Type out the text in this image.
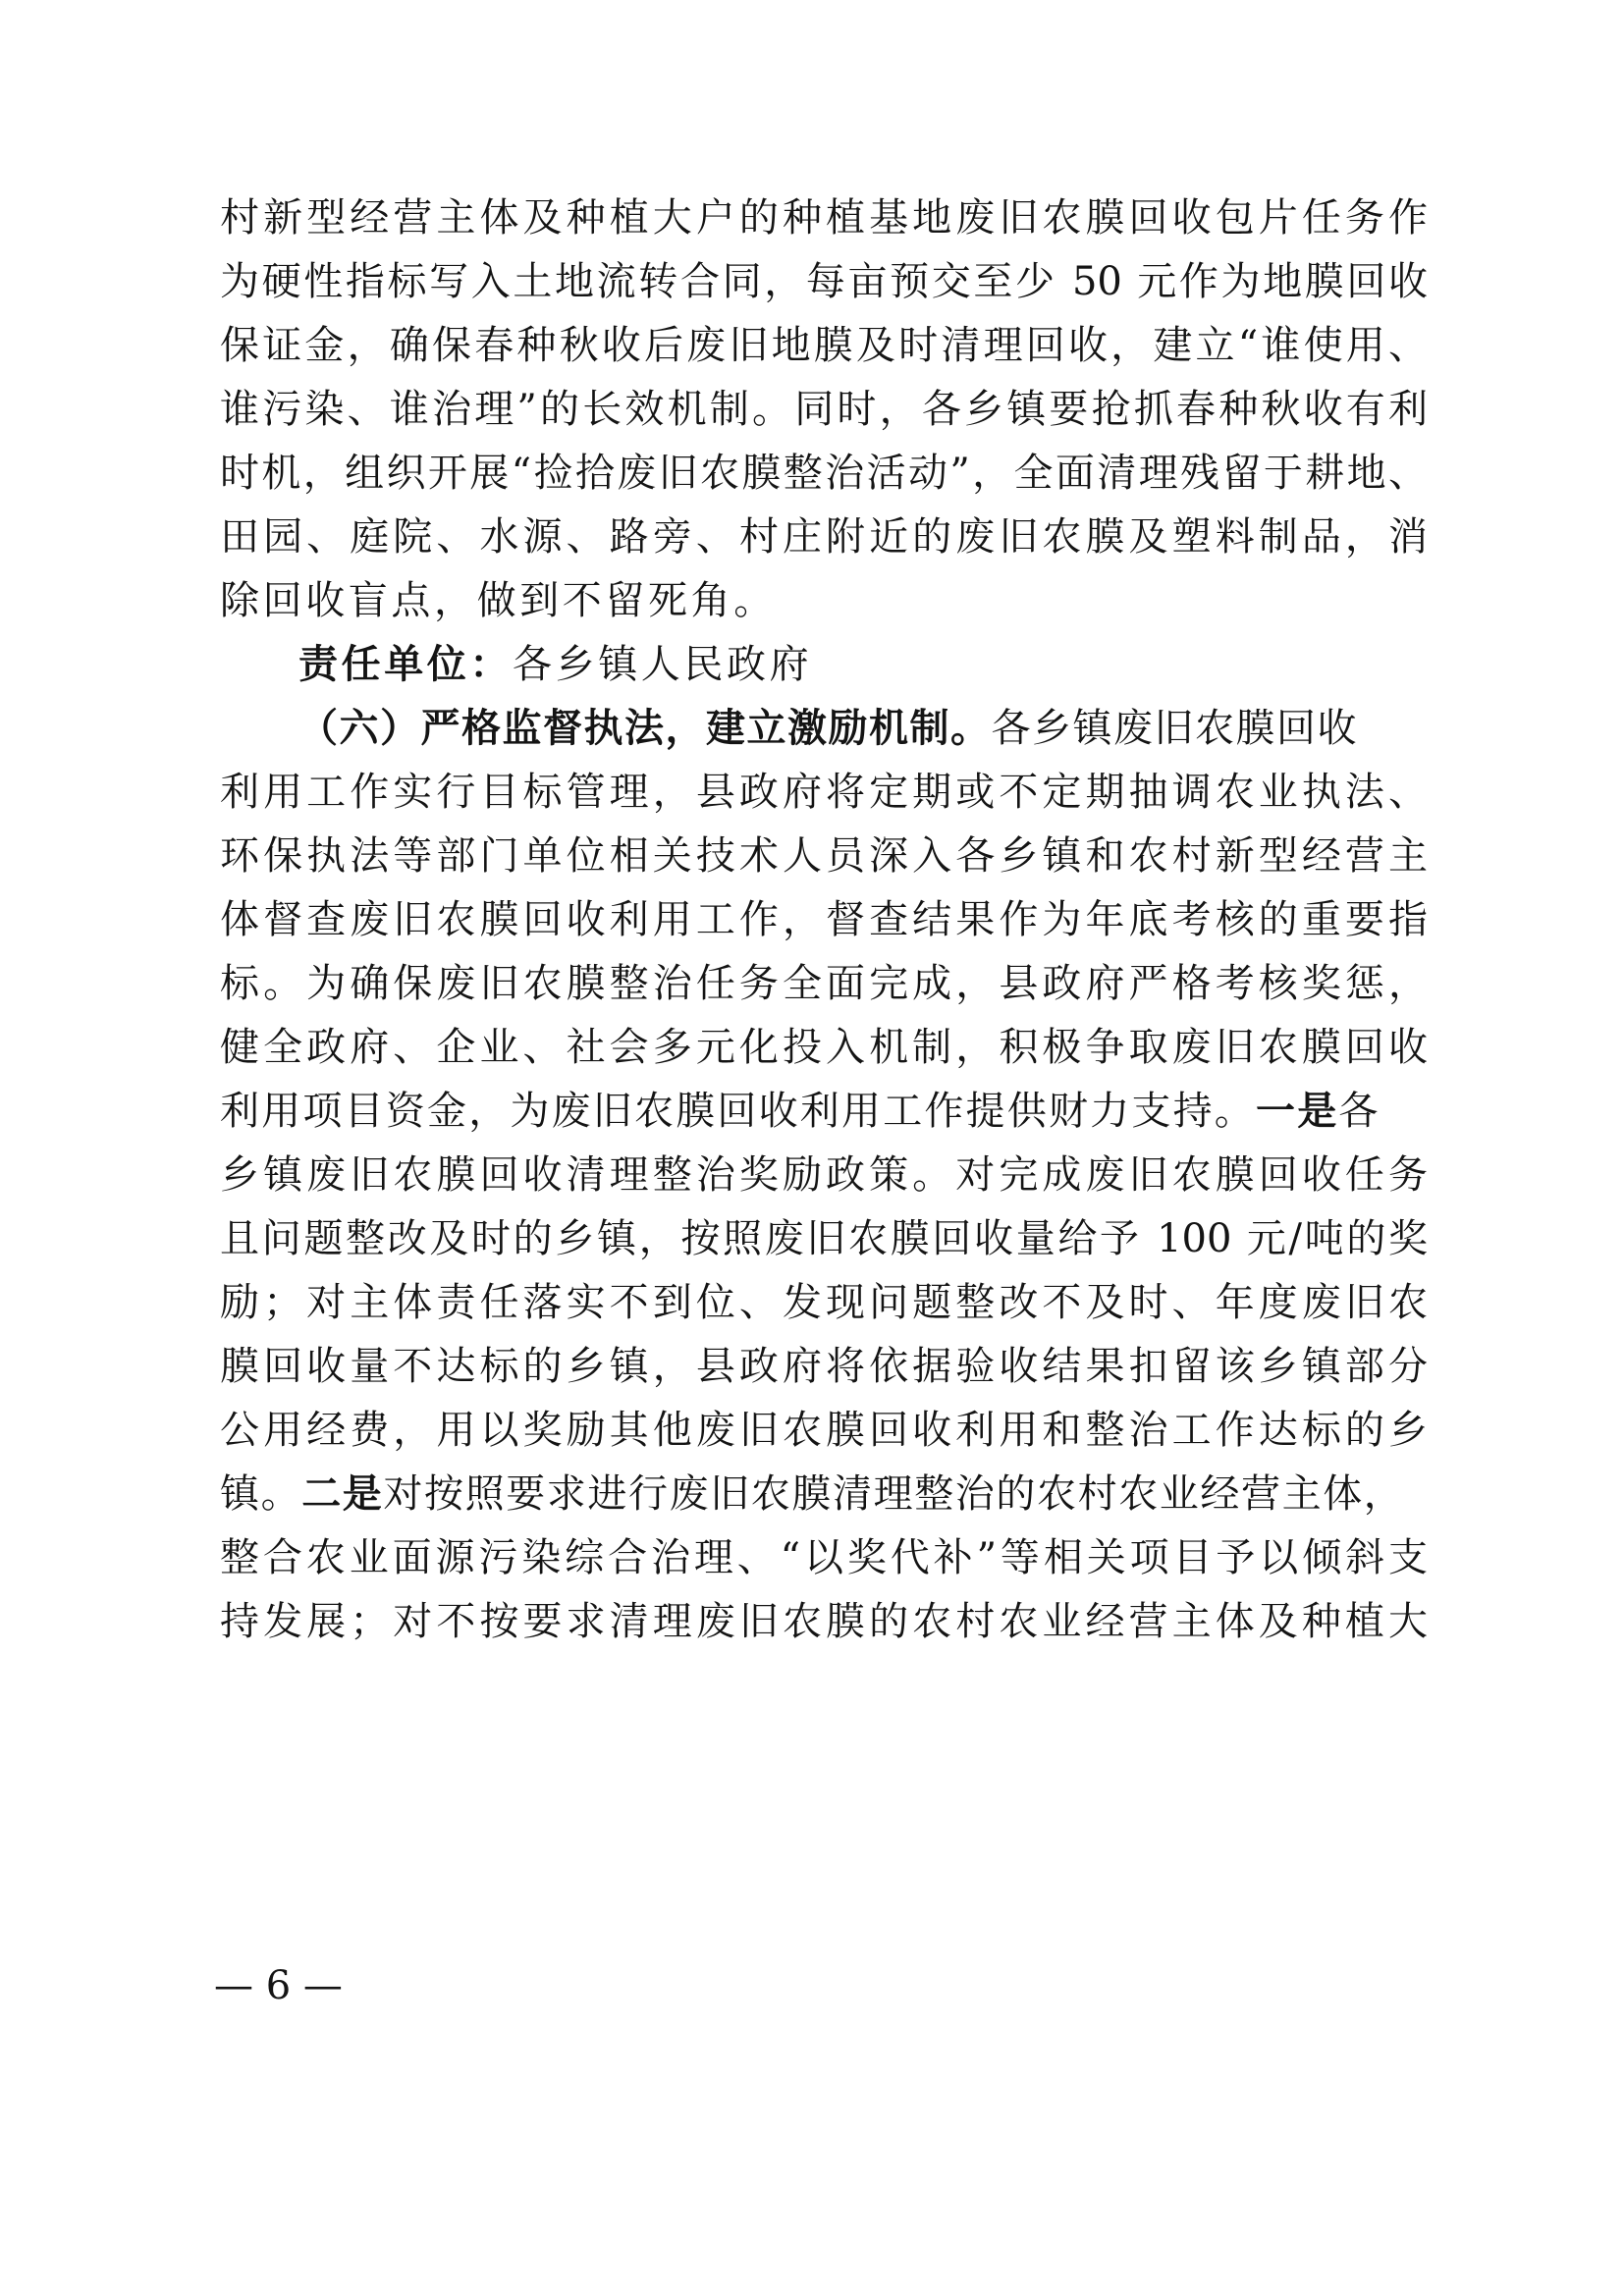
村新型经营主体及种植大户的种植基地废旧农膜回收包片任务作
为硬性指标写入土地流转合同，每亩预交至少 50 元作为地膜回收
保证金，确保春种秋收后废旧地膜及时清理回收，建立“谁使用、
谁污染、谁治理”的长效机制。同时，各乡镇要抢抓春种秋收有利
时机，组织开展“捡拾废旧农膜整治活动”，全面清理残留于耕地、
田园、庭院、水源、路旁、村庄附近的废旧农膜及塑料制品，消
除回收盲点，做到不留死角。
责任单位：各乡镇人民政府
（六）严格监督执法，建立激励机制。各乡镇废旧农膜回收
利用工作实行目标管理，县政府将定期或不定期抽调农业执法、
环保执法等部门单位相关技术人员深入各乡镇和农村新型经营主
体督查废旧农膜回收利用工作，督查结果作为年底考核的重要指
标。为确保废旧农膜整治任务全面完成，县政府严格考核奖惩，
健全政府、企业、社会多元化投入机制，积极争取废旧农膜回收
利用项目资金，为废旧农膜回收利用工作提供财力支持。一是各
乡镇废旧农膜回收清理整治奖励政策。对完成废旧农膜回收任务
且问题整改及时的乡镇，按照废旧农膜回收量给予 100 元/吨的奖
励；对主体责任落实不到位、发现问题整改不及时、年度废旧农
膜回收量不达标的乡镇，县政府将依据验收结果扣留该乡镇部分
公用经费，用以奖励其他废旧农膜回收利用和整治工作达标的乡
镇。二是对按照要求进行废旧农膜清理整治的农村农业经营主体，
整合农业面源污染综合治理、“以奖代补”等相关项目予以倾斜支
持发展；对不按要求清理废旧农膜的农村农业经营主体及种植大
— 6 —
